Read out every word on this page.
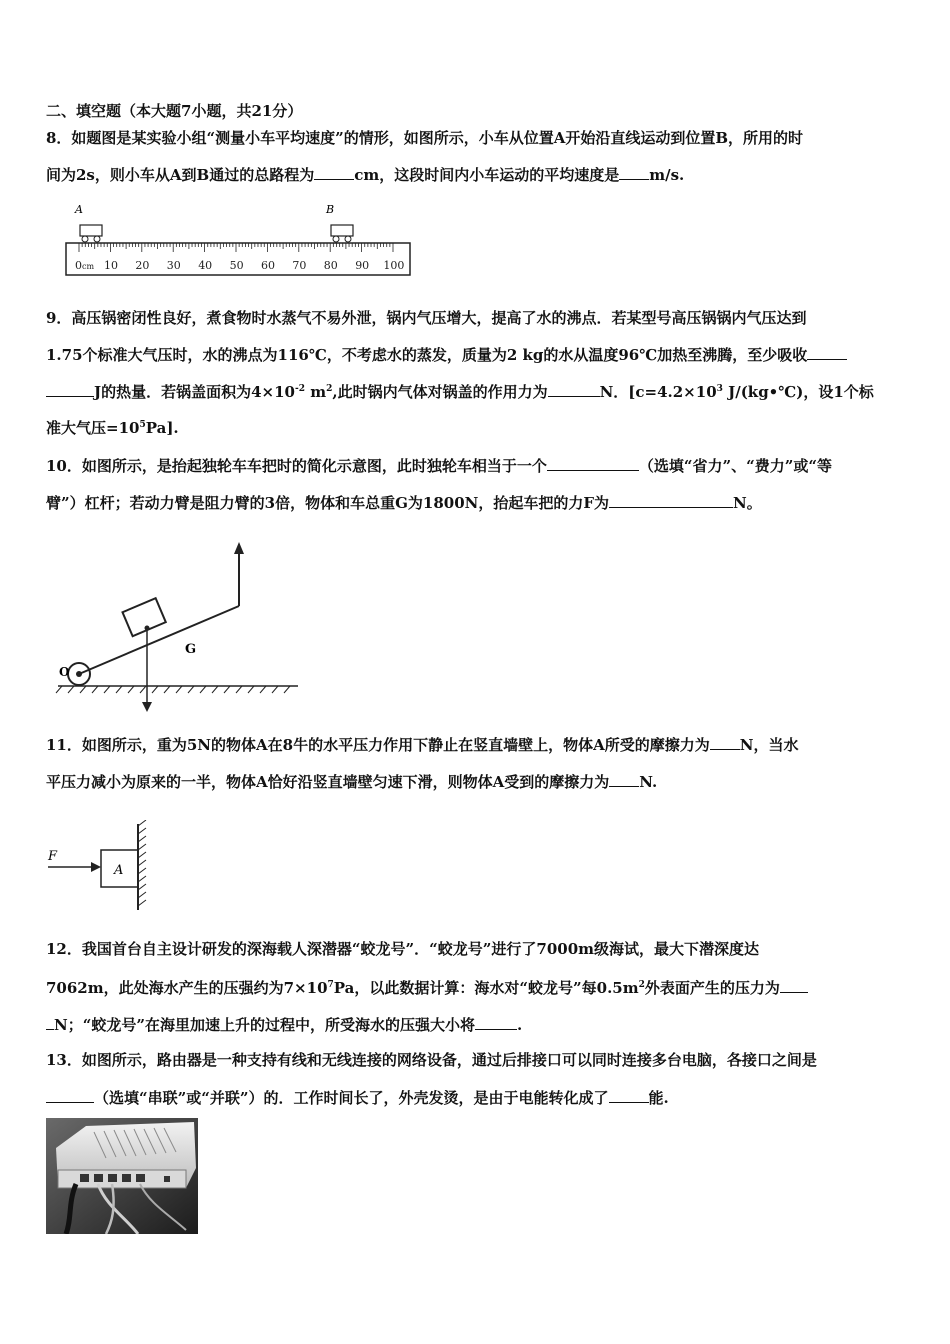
二、填空题（本大题7小题，共21分）
8．如题图是某实验小组“测量小车平均速度”的情形，如图所示，小车从位置A开始沿直线运动到位置B，所用的时
间为2s，则小车从A到B通过的总路程为	cm，这段时间内小车运动的平均速度是 m/s.
A	B
0cm 10 20 30 40 50 60 70 80 90 100
9．高压锅密闭性良好，煮食物时水蒸气不易外泄，锅内气压增大，提高了水的沸点．若某型号高压锅锅内气压达到
1.75个标准大气压时，水的沸点为116℃，不考虑水的蒸发，质量为2 kg的水从温度96℃加热至沸腾，至少吸收
J的热量．若锅盖面积为$4\times 10^{-2}$ $m^2$,此时锅内气体对锅盖的作用力为	N．[$c=4.2\times 10^3$ J/(kg•℃)，设1个标
准大气压$=10^5Pa$].
10．如图所示，是抬起独轮车车把时的简化示意图，此时独轮车相当于一个	（选填“省力”、“费力”或“等
臂”）杠杆；若动力臂是阻力臂的3倍，物体和车总重G为1800N，抬起车把的力F为	N。
O
G
11．如图所示，重为5N的物体A在8牛的水平压力作用下静止在竖直墙壁上，物体A所受的摩擦力为 N，当水
平压力减小为原来的一半，物体A恰好沿竖直墙壁匀速下滑，则物体A受到的摩擦力为 N.
F
A
12．我国首台自主设计研发的深海载人深潜器“蛟龙号”．“蛟龙号”进行了7000m级海试，最大下潜深度达
7062m，此处海水产生的压强约为$7\times 10^7Pa$，以此数据计算：海水对“蛟龙号”每$0.5m^2$外表面产生的压力为
N；“蛟龙号”在海里加速上升的过程中，所受海水的压强大小将	.
13．如图所示，路由器是一种支持有线和无线连接的网络设备，通过后排接口可以同时连接多台电脑，各接口之间是
（选填“串联”或“并联”）的．工作时间长了，外壳发烫，是由于电能转化成了	能.
